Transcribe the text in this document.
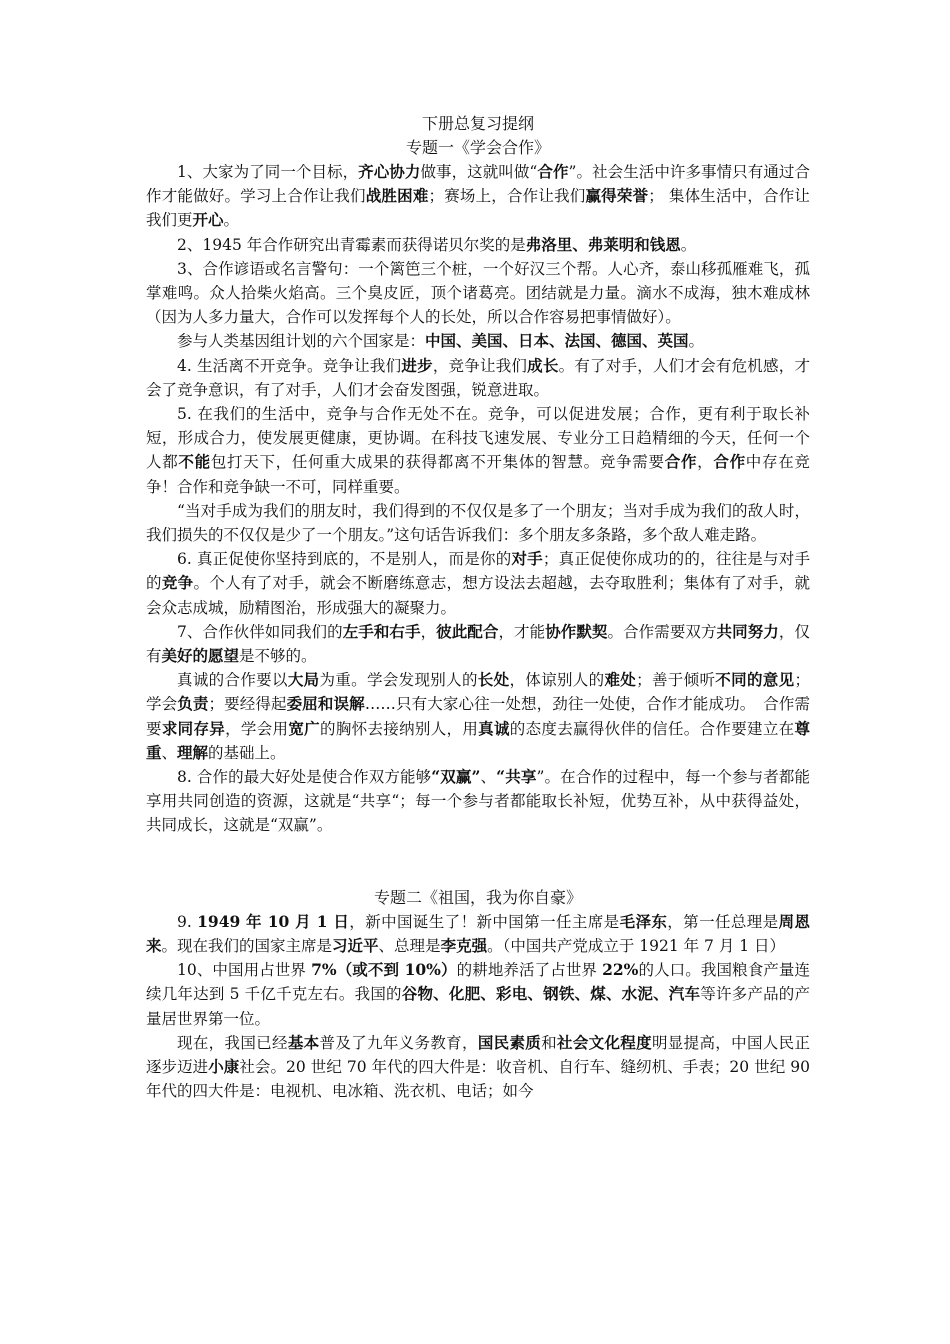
下册总复习提纲
专题一《学会合作》

1、大家为了同一个目标，齐心协力做事，这就叫做“合作”。社会生活中许多事情只有通过合作才能做好。学习上合作让我们战胜困难；赛场上，合作让我们赢得荣誉； 集体生活中，合作让我们更开心。

2、1945 年合作研究出青霉素而获得诺贝尔奖的是弗洛里、弗莱明和钱恩。

3、合作谚语或名言警句：一个篱笆三个桩，一个好汉三个帮。人心齐，泰山移孤雁难飞，孤掌难鸣。众人拾柴火焰高。三个臭皮匠，顶个诸葛亮。团结就是力量。滴水不成海，独木难成林（因为人多力量大，合作可以发挥每个人的长处，所以合作容易把事情做好）。

参与人类基因组计划的六个国家是：中国、美国、日本、法国、德国、英国。

4. 生活离不开竞争。竞争让我们进步，竞争让我们成长。有了对手，人们才会有危机感，才会了竞争意识，有了对手，人们才会奋发图强，锐意进取。

5. 在我们的生活中，竞争与合作无处不在。竞争，可以促进发展；合作，更有利于取长补短，形成合力，使发展更健康，更协调。在科技飞速发展、专业分工日趋精细的今天，任何一个人都不能包打天下，任何重大成果的获得都离不开集体的智慧。竞争需要合作，合作中存在竞争！合作和竞争缺一不可，同样重要。

“当对手成为我们的朋友时，我们得到的不仅仅是多了一个朋友；当对手成为我们的敌人时，我们损失的不仅仅是少了一个朋友。”这句话告诉我们：多个朋友多条路，多个敌人难走路。

6. 真正促使你坚持到底的，不是别人，而是你的对手；真正促使你成功的的，往往是与对手的竞争。个人有了对手，就会不断磨练意志，想方设法去超越，去夺取胜利；集体有了对手，就会众志成城，励精图治，形成强大的凝聚力。

7、合作伙伴如同我们的左手和右手，彼此配合，才能协作默契。合作需要双方共同努力，仅有美好的愿望是不够的。

真诚的合作要以大局为重。学会发现别人的长处，体谅别人的难处；善于倾听不同的意见；学会负责；要经得起委屈和误解……只有大家心往一处想，劲往一处使，合作才能成功。　合作需要求同存异，学会用宽广的胸怀去接纳别人，用真诚的态度去赢得伙伴的信任。合作要建立在尊重、理解的基础上。

8. 合作的最大好处是使合作双方能够“双赢”、“共享”。在合作的过程中，每一个参与者都能享用共同创造的资源，这就是“共享“；每一个参与者都能取长补短，优势互补，从中获得益处，共同成长，这就是“双赢”。

专题二《祖国，我为你自豪》

9. 1949 年 10 月 1 日，新中国诞生了！新中国第一任主席是毛泽东，第一任总理是周恩来。现在我们的国家主席是习近平、总理是李克强。（中国共产党成立于 1921 年 7 月 1 日）

10、中国用占世界 7%（或不到 10%）的耕地养活了占世界 22%的人口。我国粮食产量连续几年达到 5 千亿千克左右。我国的谷物、化肥、彩电、钢铁、煤、水泥、汽车等许多产品的产量居世界第一位。

现在，我国已经基本普及了九年义务教育，国民素质和社会文化程度明显提高，中国人民正逐步迈进小康社会。20 世纪 70 年代的四大件是：收音机、自行车、缝纫机、手表；20 世纪 90 年代的四大件是：电视机、电冰箱、洗衣机、电话；如今
